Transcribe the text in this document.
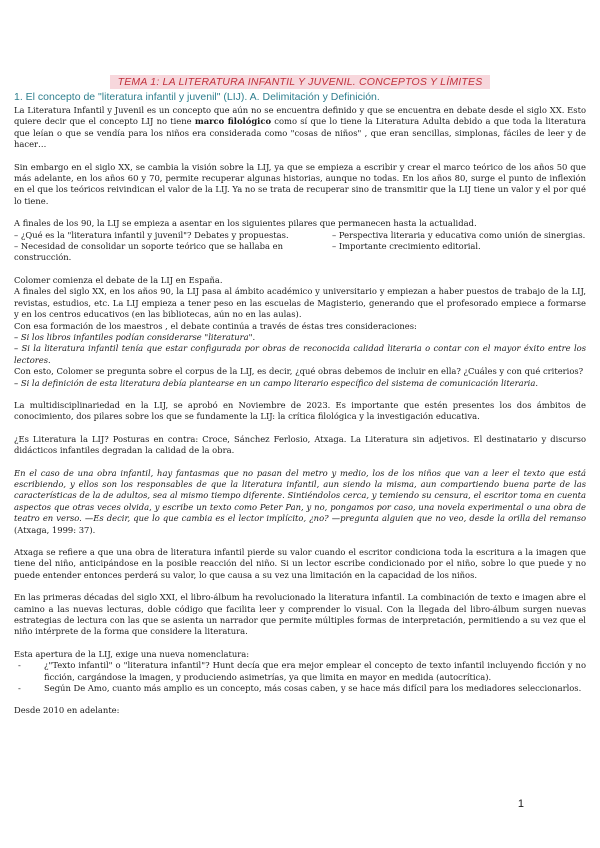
TEMA 1: LA LITERATURA INFANTIL Y JUVENIL. CONCEPTOS Y LÍMITES
1. El concepto de "literatura infantil y juvenil" (LIJ). A. Delimitación y Definición.

La Literatura Infantil y Juvenil es un concepto que aún no se encuentra definido y que se encuentra en debate desde el siglo XX. Esto quiere decir que el concepto LIJ no tiene marco filológico como sí que lo tiene la Literatura Adulta debido a que toda la literatura que leían o que se vendía para los niños era considerada como "cosas de niños" , que eran sencillas, simplonas, fáciles de leer y de hacer…

Sin embargo en el siglo XX, se cambia la visión sobre la LIJ, ya que se empieza a escribir y crear el marco teórico de los años 50 que más adelante, en los años 60 y 70, permite recuperar algunas historias, aunque no todas. En los años 80, surge el punto de inflexión en el que los teóricos reivindican el valor de la LIJ. Ya no se trata de recuperar sino de transmitir que la LIJ tiene un valor y el por qué lo tiene.

A finales de los 90, la LIJ se empieza a asentar en los siguientes pilares que permanecen hasta la actualidad.

– ¿Qué es la "literatura infantil y juvenil"? Debates y propuestas.	– Perspectiva literaria y educativa como unión de sinergias.
– Necesidad de consolidar un soporte teórico que se hallaba en construcción.
– Importante crecimiento editorial.

Colomer comienza el debate de la LIJ en España.

A finales del siglo XX, en los años 90, la LIJ pasa al ámbito académico y universitario y empiezan a haber puestos de trabajo de la LIJ, revistas, estudios, etc. La LIJ empieza a tener peso en las escuelas de Magisterio, generando que el profesorado empiece a formarse y en los centros educativos (en las bibliotecas, aún no en las aulas).

Con esa formación de los maestros , el debate continúa a través de éstas tres consideraciones:

– Si los libros infantiles podían considerarse "literatura".

– Si la literatura infantil tenía que estar configurada por obras de reconocida calidad literaria o contar con el mayor éxito entre los lectores.

Con esto, Colomer se pregunta sobre el corpus de la LIJ, es decir, ¿qué obras debemos de incluir en ella? ¿Cuáles y con qué criterios?

– Si la definición de esta literatura debía plantearse en un campo literario específico del sistema de comunicación literaria.

La multidisciplinariedad en la LIJ, se aprobó en Noviembre de 2023. Es importante que estén presentes los dos ámbitos de conocimiento, dos pilares sobre los que se fundamente la LIJ: la crítica filológica y la investigación educativa.

¿Es Literatura la LIJ? Posturas en contra: Croce, Sánchez Ferlosio, Atxaga. La Literatura sin adjetivos. El destinatario y discurso didácticos infantiles degradan la calidad de la obra.

En el caso de una obra infantil, hay fantasmas que no pasan del metro y medio, los de los niños que van a leer el texto que está escribiendo, y ellos son los responsables de que la literatura infantil, aun siendo la misma, aun compartiendo buena parte de las características de la de adultos, sea al mismo tiempo diferente. Sintiéndolos cerca, y temiendo su censura, el escritor toma en cuenta aspectos que otras veces olvida, y escribe un texto como Peter Pan, y no, pongamos por caso, una novela experimental o una obra de teatro en verso. —Es decir, que lo que cambia es el lector implícito, ¿no? —pregunta alguien que no veo, desde la orilla del remanso (Atxaga, 1999: 37).

Atxaga se refiere a que una obra de literatura infantil pierde su valor cuando el escritor condiciona toda la escritura a la imagen que tiene del niño, anticipándose en la posible reacción del niño. Si un lector escribe condicionado por el niño, sobre lo que puede y no puede entender entonces perderá su valor, lo que causa a su vez una limitación en la capacidad de los niños.

En las primeras décadas del siglo XXI, el libro-álbum ha revolucionado la literatura infantil. La combinación de texto e imagen abre el camino a las nuevas lecturas, doble código que facilita leer y comprender lo visual. Con la llegada del libro-álbum surgen nuevas estrategias de lectura con las que se asienta un narrador que permite múltiples formas de interpretación, permitiendo a su vez que el niño intérprete de la forma que considere la literatura.

Esta apertura de la LIJ, exige una nueva nomenclatura:

-	¿"Texto infantil" o "literatura infantil"? Hunt decía que era mejor emplear el concepto de texto infantil incluyendo ficción y no ficción, cargándose la imagen, y produciendo asimetrías, ya que limita en mayor en medida (autocrítica).
-	Según De Amo, cuanto más amplio es un concepto, más cosas caben, y se hace más difícil para los mediadores seleccionarlos.

Desde 2010 en adelante:

1
